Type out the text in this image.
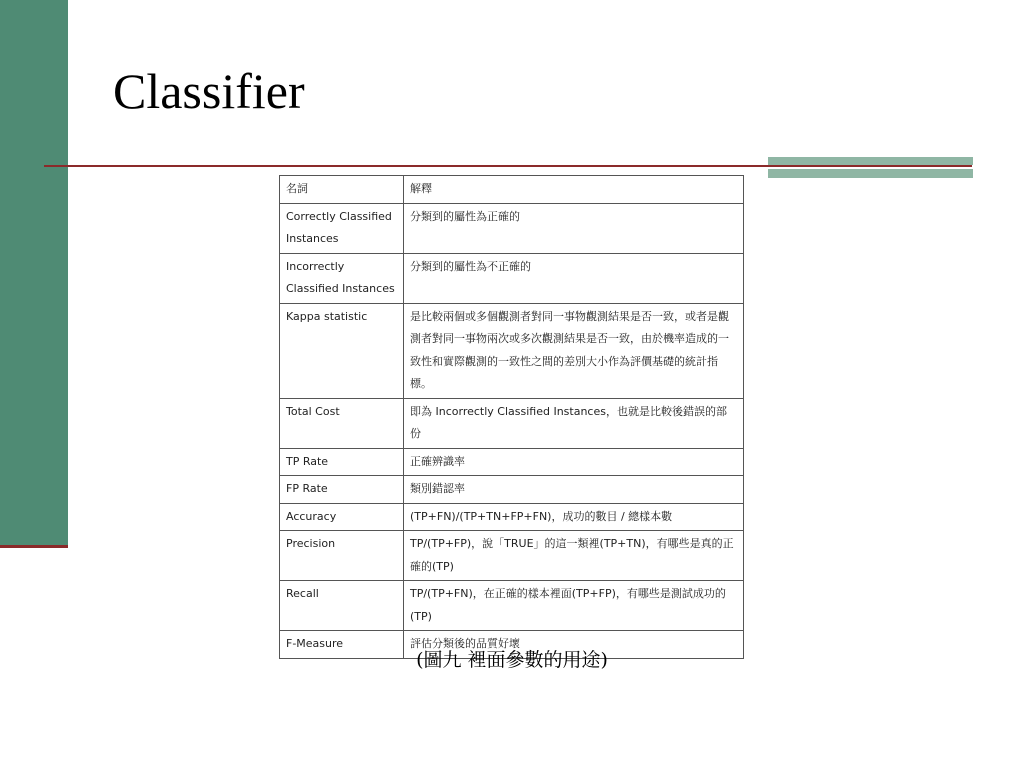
Classifier
名詞	解釋
Correctly Classified Instances	分類到的屬性為正確的
Incorrectly Classified Instances	分類到的屬性為不正確的
Kappa statistic	是比較兩個或多個觀測者對同一事物觀測結果是否一致，或者是觀測者對同一事物兩次或多次觀測結果是否一致，由於機率造成的一致性和實際觀測的一致性之間的差別大小作為評價基礎的統計指標。
Total Cost	即為 Incorrectly Classified Instances，也就是比較後錯誤的部份
TP Rate	正確辨識率
FP Rate	類別錯認率
Accuracy	(TP+FN)/(TP+TN+FP+FN)，成功的數目 / 總樣本數
Precision	TP/(TP+FP)，說「TRUE」的這一類裡(TP+TN)，有哪些是真的正確的(TP)
Recall	TP/(TP+FN)，在正確的樣本裡面(TP+FP)，有哪些是測試成功的(TP)
F-Measure	評估分類後的品質好壞
(圖九 裡面參數的用途)
